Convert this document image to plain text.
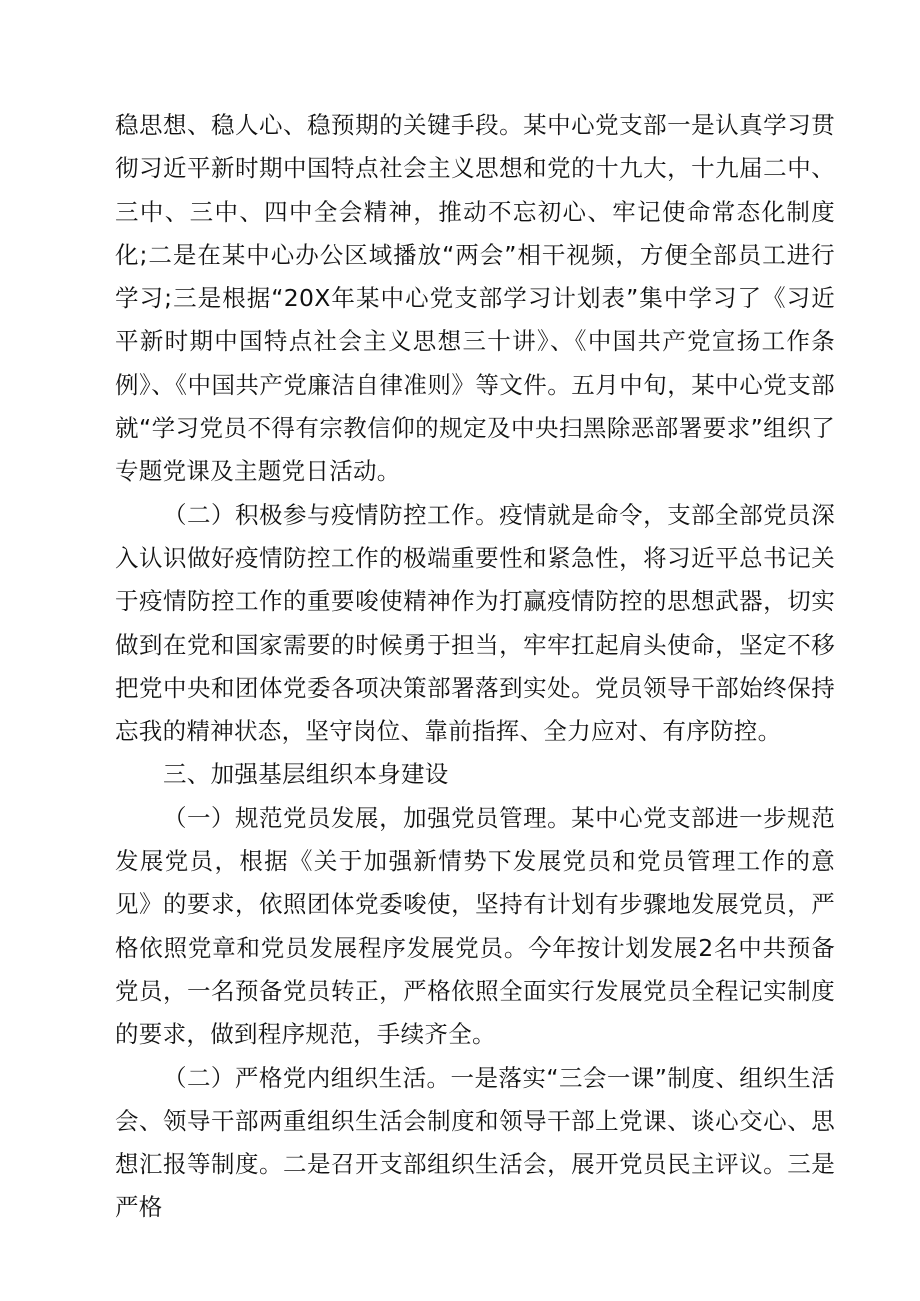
稳思想、稳人心、稳预期的关键手段。某中心党支部一是认真学习贯彻习近平新时期中国特点社会主义思想和党的十九大，十九届二中、三中、三中、四中全会精神，推动不忘初心、牢记使命常态化制度化;二是在某中心办公区域播放“两会”相干视频，方便全部员工进行学习;三是根据“20X年某中心党支部学习计划表”集中学习了《习近平新时期中国特点社会主义思想三十讲》、《中国共产党宣扬工作条例》、《中国共产党廉洁自律准则》等文件。五月中旬，某中心党支部就“学习党员不得有宗教信仰的规定及中央扫黑除恶部署要求”组织了专题党课及主题党日活动。

（二）积极参与疫情防控工作。疫情就是命令，支部全部党员深入认识做好疫情防控工作的极端重要性和紧急性，将习近平总书记关于疫情防控工作的重要唆使精神作为打赢疫情防控的思想武器，切实做到在党和国家需要的时候勇于担当，牢牢扛起肩头使命，坚定不移把党中央和团体党委各项决策部署落到实处。党员领导干部始终保持忘我的精神状态，坚守岗位、靠前指挥、全力应对、有序防控。

三、加强基层组织本身建设

（一）规范党员发展，加强党员管理。某中心党支部进一步规范发展党员，根据《关于加强新情势下发展党员和党员管理工作的意见》的要求，依照团体党委唆使，坚持有计划有步骤地发展党员，严格依照党章和党员发展程序发展党员。今年按计划发展2名中共预备党员，一名预备党员转正，严格依照全面实行发展党员全程记实制度的要求，做到程序规范，手续齐全。

（二）严格党内组织生活。一是落实“三会一课”制度、组织生活会、领导干部两重组织生活会制度和领导干部上党课、谈心交心、思想汇报等制度。二是召开支部组织生活会，展开党员民主评议。三是严格
